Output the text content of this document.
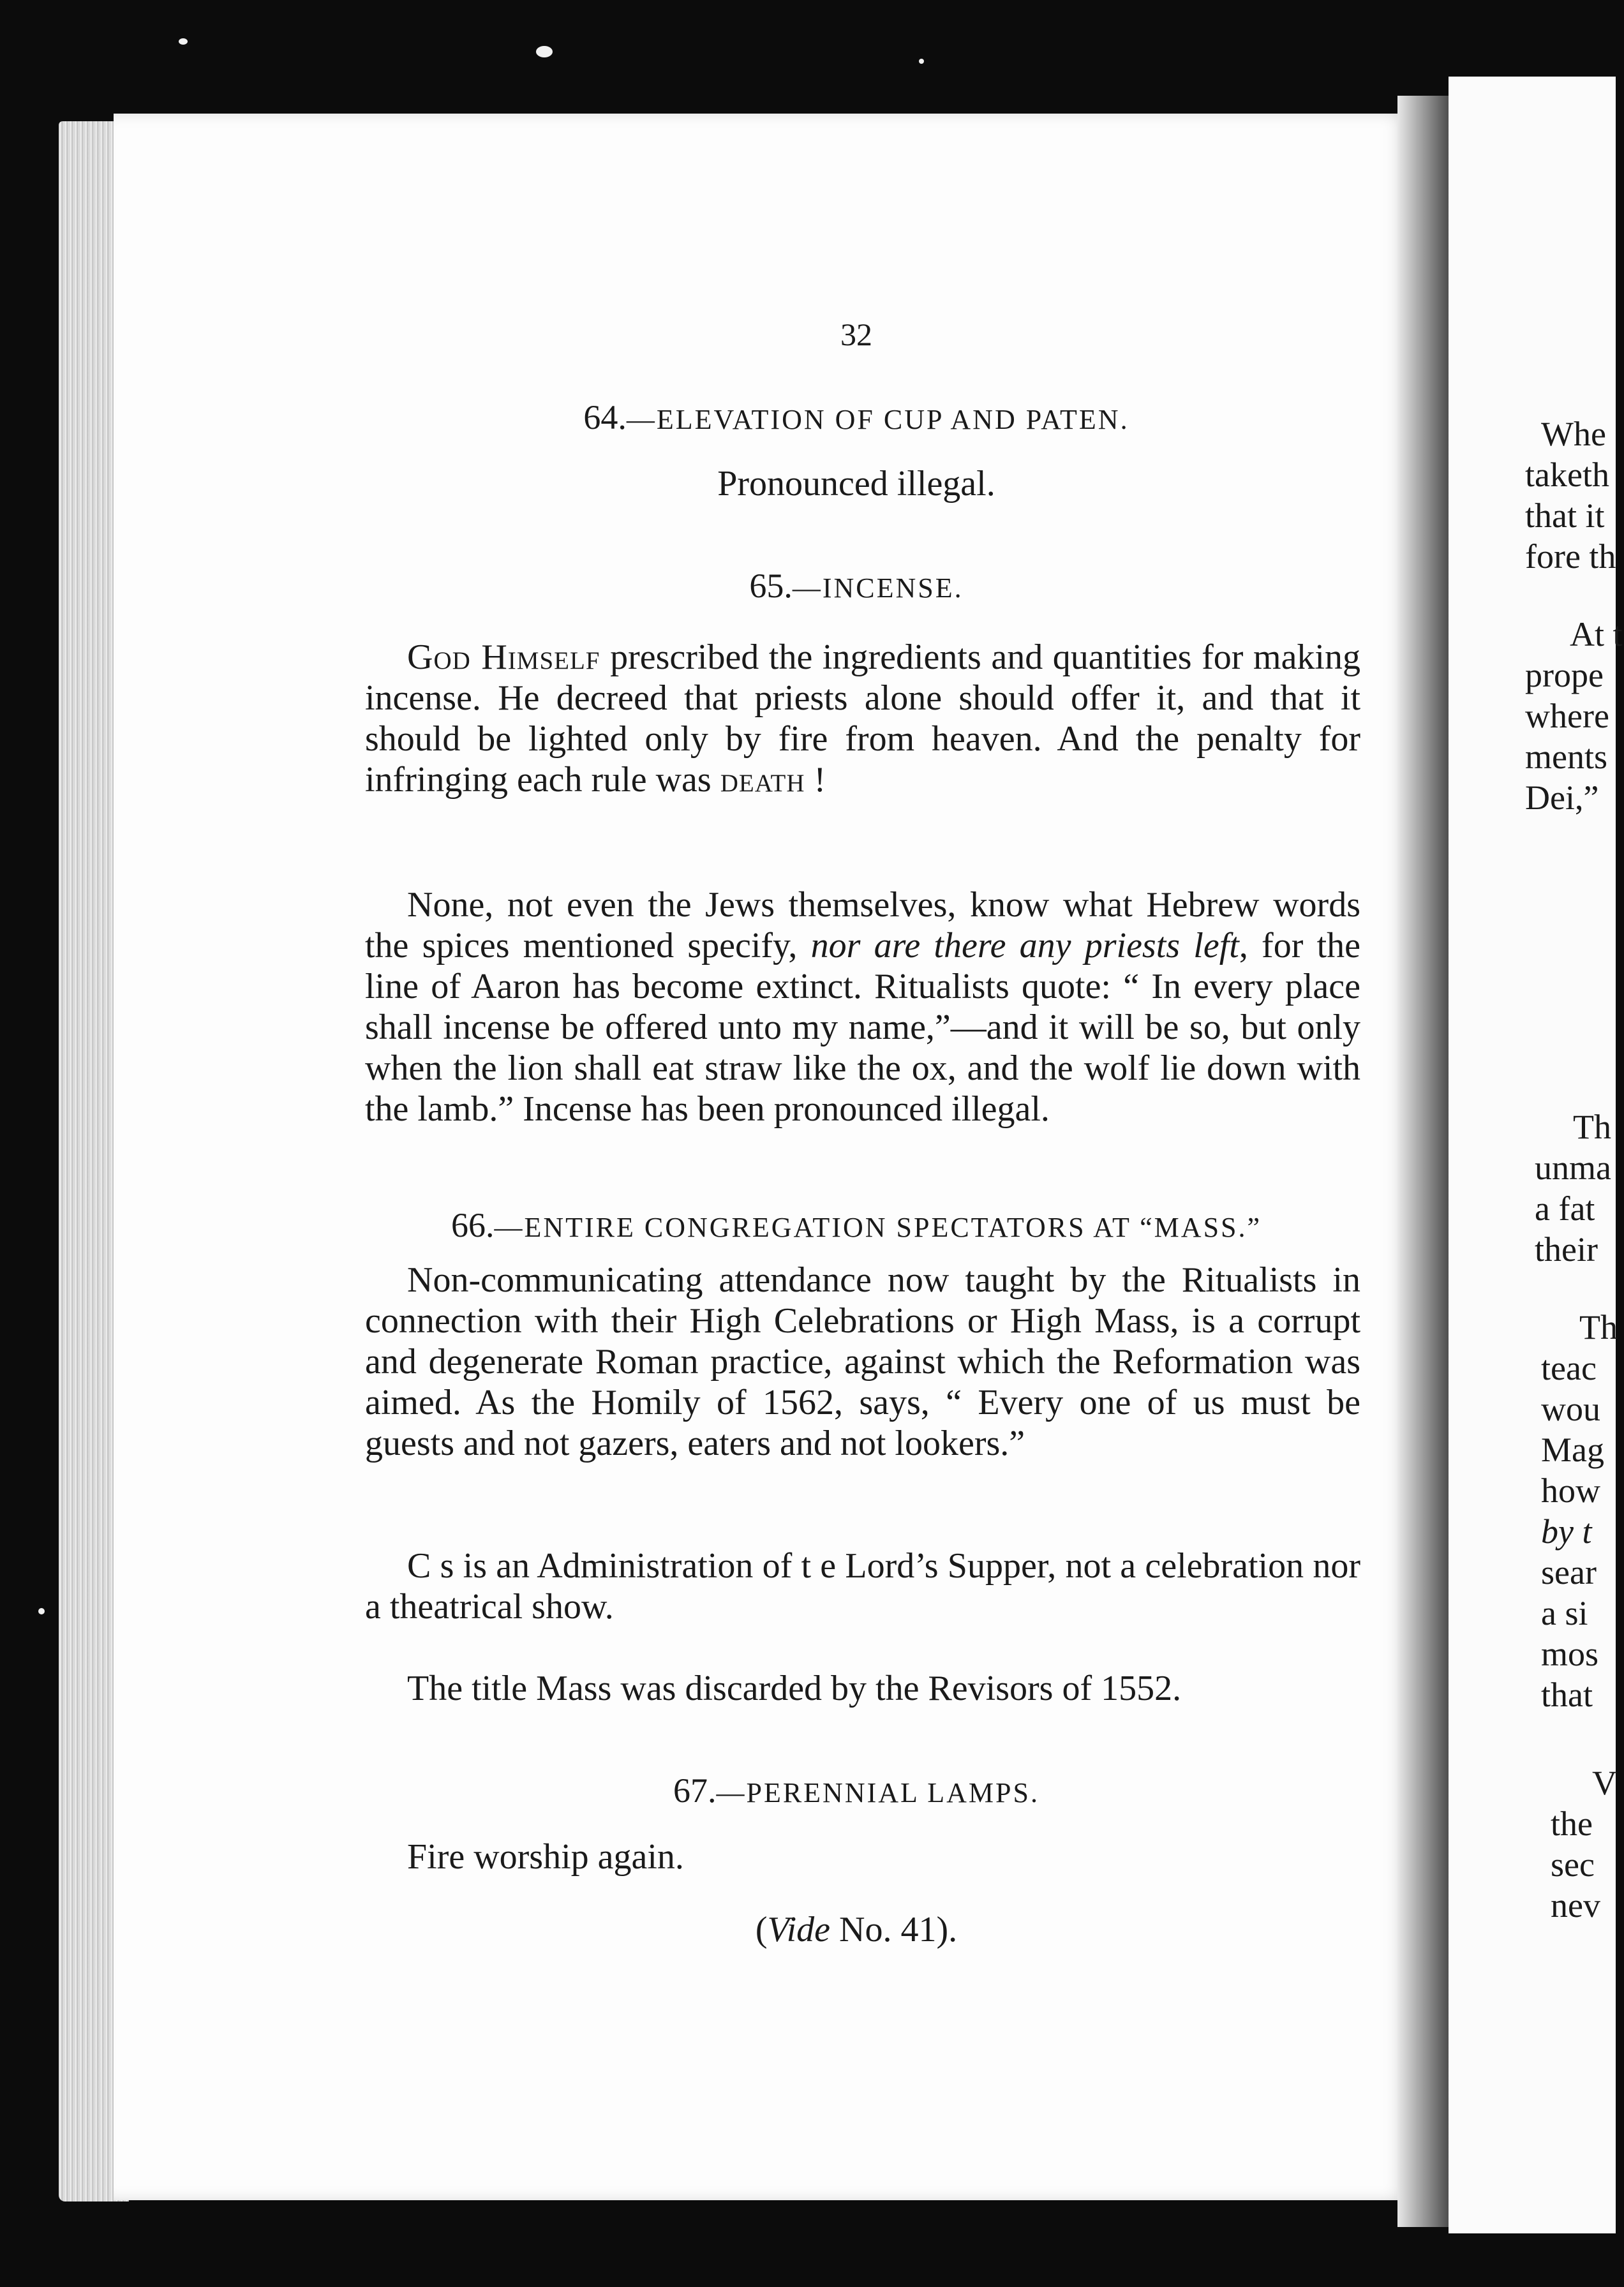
32
64.—ELEVATION OF CUP AND PATEN.
Pronounced illegal.
65.—INCENSE.
God Himself prescribed the ingredients and quantities for making incense. He decreed that priests alone should offer it, and that it should be lighted only by fire from heaven. And the penalty for infringing each rule was death !
None, not even the Jews themselves, know what Hebrew words the spices mentioned specify, nor are there any priests left, for the line of Aaron has become extinct. Ritualists quote: “ In every place shall incense be offered unto my name,”—and it will be so, but only when the lion shall eat straw like the ox, and the wolf lie down with the lamb.” Incense has been pronounced illegal.
66.—ENTIRE CONGREGATION SPECTATORS AT “MASS.”
Non-communicating attendance now taught by the Ritualists in connection with their High Celebrations or High Mass, is a corrupt and degenerate Roman practice, against which the Reformation was aimed. As the Homily of 1562, says, “ Every one of us must be guests and not gazers, eaters and not lookers.”
C s is an Administration of t e Lord’s Supper, not a celebration nor a theatrical show.
The title Mass was discarded by the Revisors of 1552.
67.—PERENNIAL LAMPS.
Fire worship again.
(Vide No. 41).
Whe
taketh
that it
fore th
At t
prope
where
ments
Dei,”
Th
unma
a fat
their
Th
teac
wou
Mag
how
by t
sear
a si
mos
that
V
the
sec
nev
